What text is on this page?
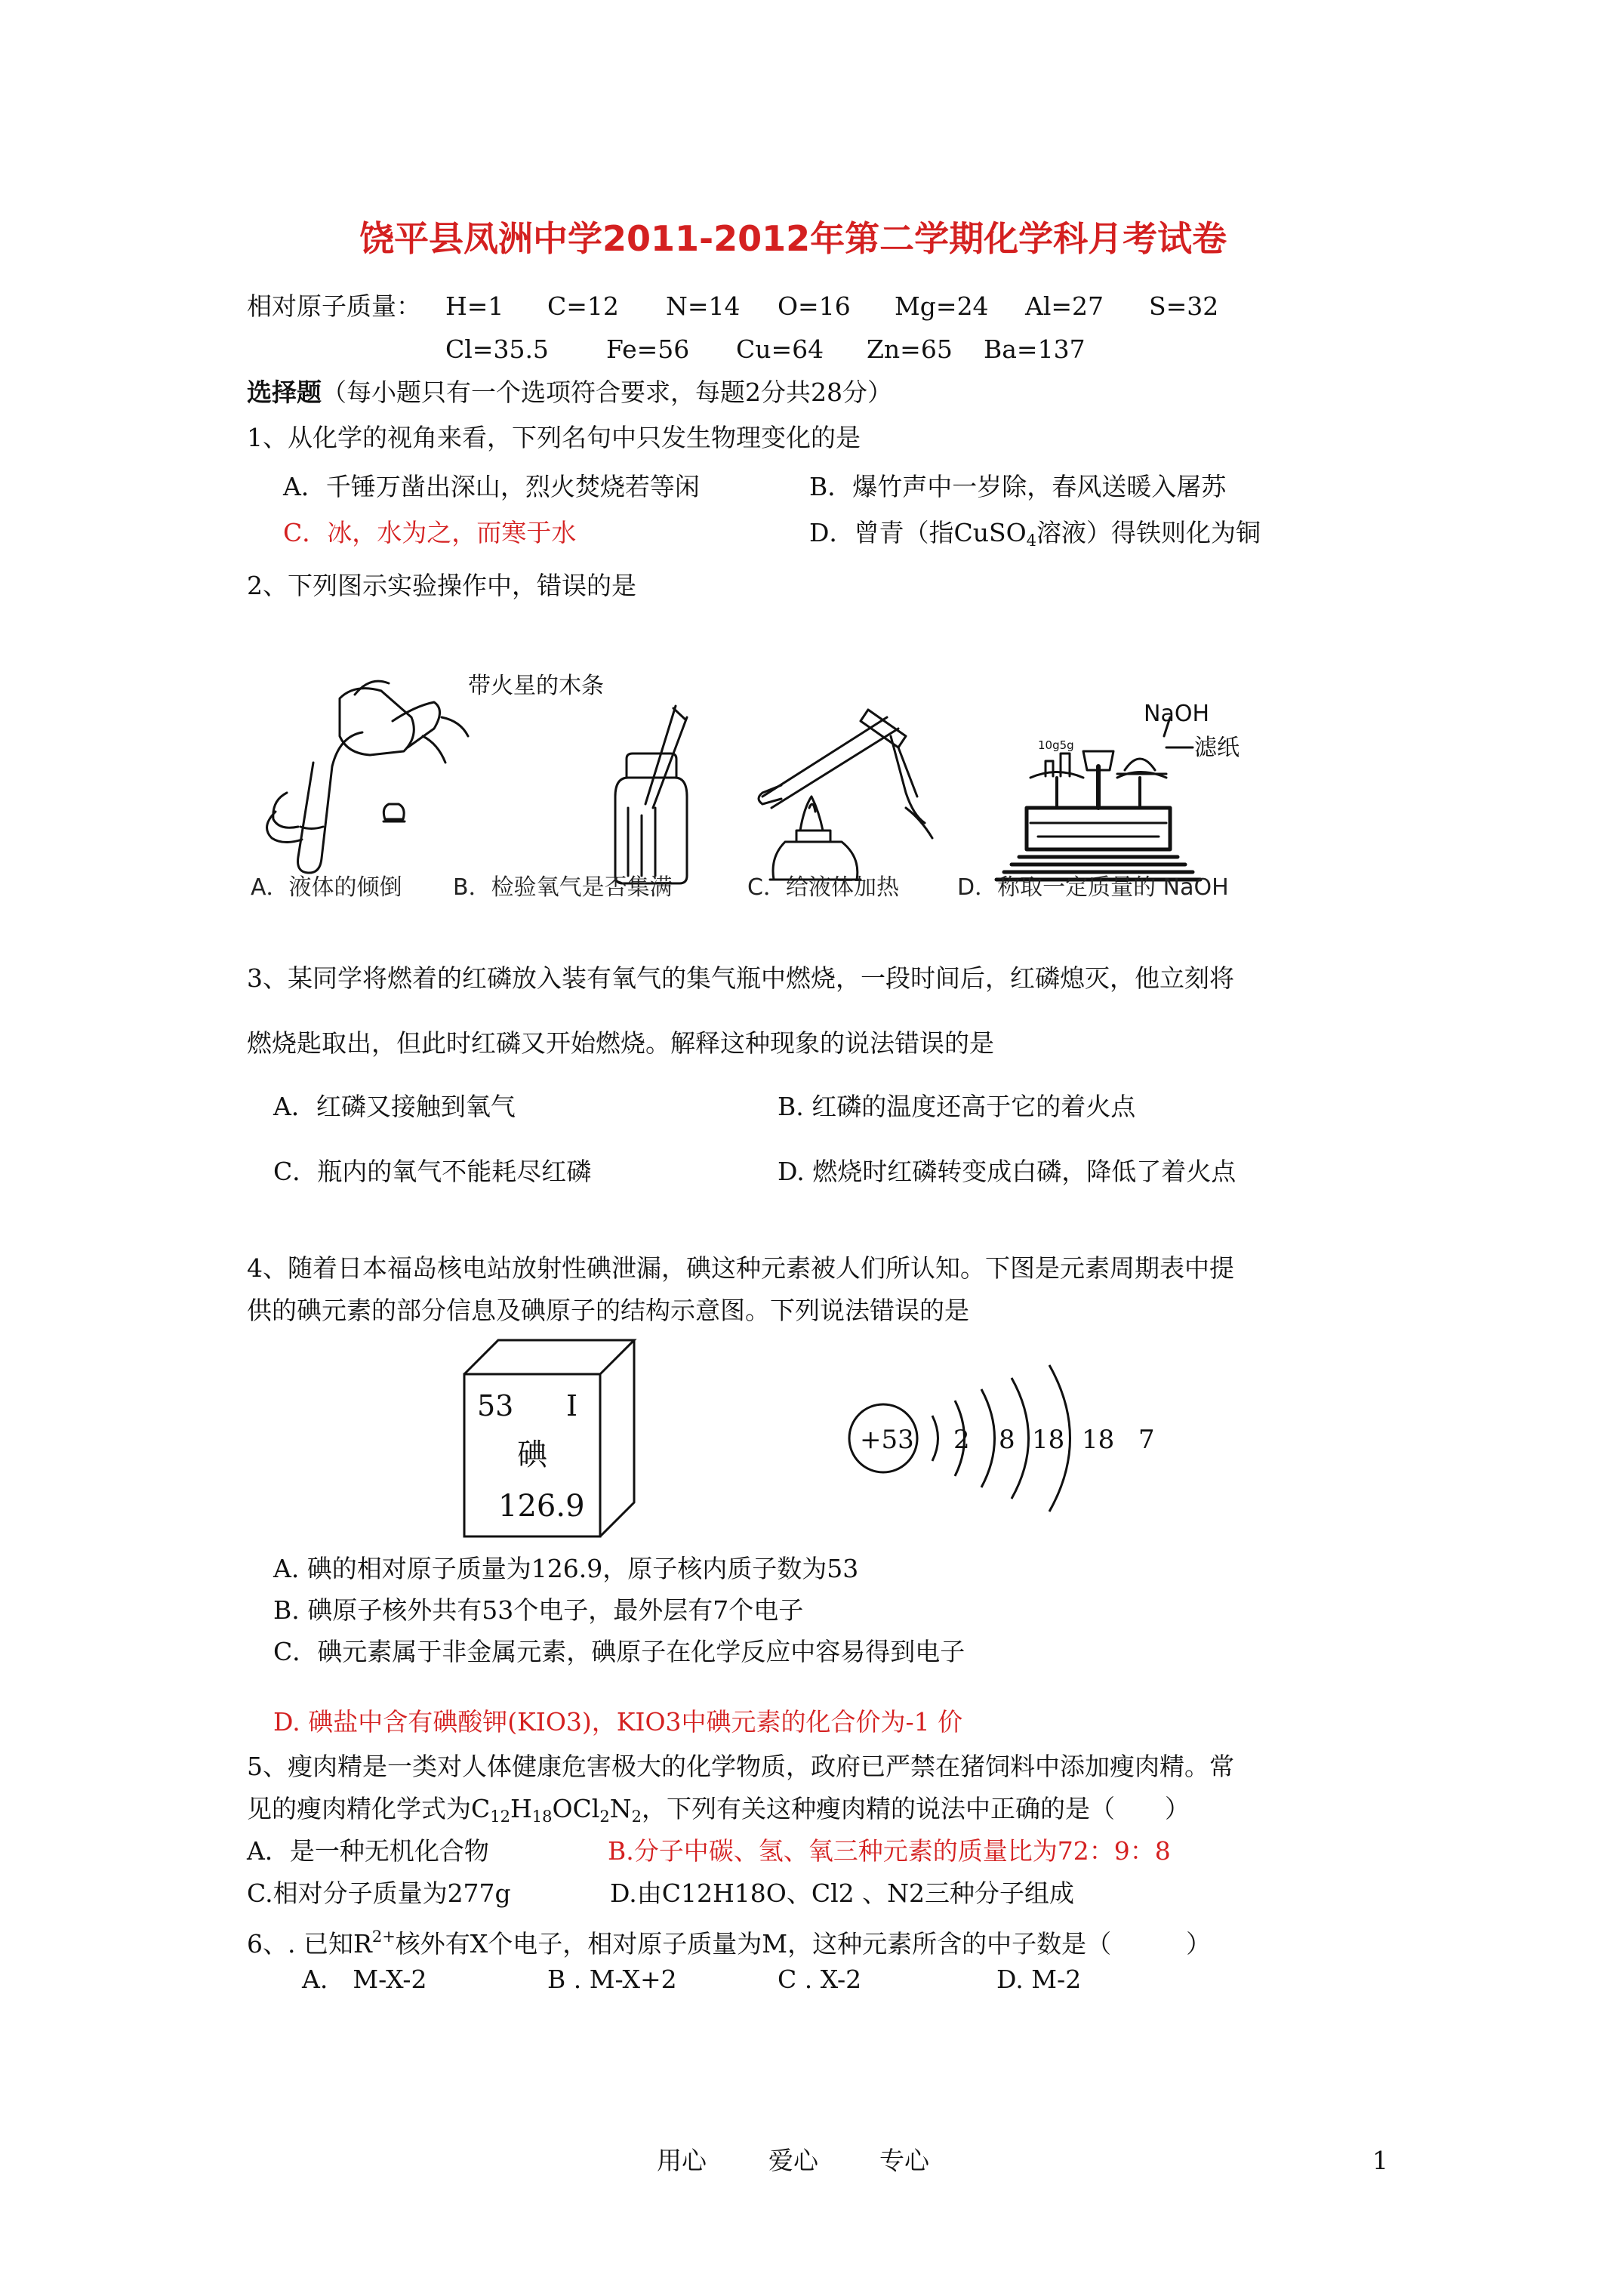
饶平县凤洲中学2011-2012年第二学期化学科月考试卷
相对原子质量： H=1 C=12 N=14 O=16 Mg=24 Al=27 S=32
Cl=35.5 Fe=56 Cu=64 Zn=65 Ba=137
选择题（每小题只有一个选项符合要求，每题2分共28分）
1、从化学的视角来看，下列名句中只发生物理变化的是
A．千锤万凿出深山，烈火焚烧若等闲	B．爆竹声中一岁除，春风送暖入屠苏
C．冰，水为之，而寒于水	D．曾青（指CuSO$_4$溶液）得铁则化为铜
2、下列图示实验操作中，错误的是
带火星的木条
10g5g
NaOH
滤纸
A．液体的倾倒 B．检验氧气是否集满	C．给液体加热	D．称取一定质量的 NaOH
3、某同学将燃着的红磷放入装有氧气的集气瓶中燃烧，一段时间后，红磷熄灭，他立刻将
燃烧匙取出，但此时红磷又开始燃烧。解释这种现象的说法错误的是
A．红磷又接触到氧气	B. 红磷的温度还高于它的着火点
C．瓶内的氧气不能耗尽红磷	D. 燃烧时红磷转变成白磷，降低了着火点
4、随着日本福岛核电站放射性碘泄漏，碘这种元素被人们所认知。下图是元素周期表中提
供的碘元素的部分信息及碘原子的结构示意图。下列说法错误的是
53 I
碘
126.9
+53 2 8 18 18 7
A. 碘的相对原子质量为126.9，原子核内质子数为53
B. 碘原子核外共有53个电子，最外层有7个电子
C．碘元素属于非金属元素，碘原子在化学反应中容易得到电子
D. 碘盐中含有碘酸钾(KIO3)，KIO3中碘元素的化合价为-1 价
5、瘦肉精是一类对人体健康危害极大的化学物质，政府已严禁在猪饲料中添加瘦肉精。常
见的瘦肉精化学式为$C_{12}H_{18}OCl_2N_2$，下列有关这种瘦肉精的说法中正确的是（　　）
A．是一种无机化合物	B.分子中碳、氢、氧三种元素的质量比为72：9：8
C.相对分子质量为277g	D.由C12H18O、Cl2 、N2三种分子组成
6、. 已知$R^{2+}$核外有X个电子，相对原子质量为M，这种元素所含的中子数是（　　　）
A.　M-X-2	B . M-X+2	C . X-2	D. M-2
用心 爱心 专心	1
